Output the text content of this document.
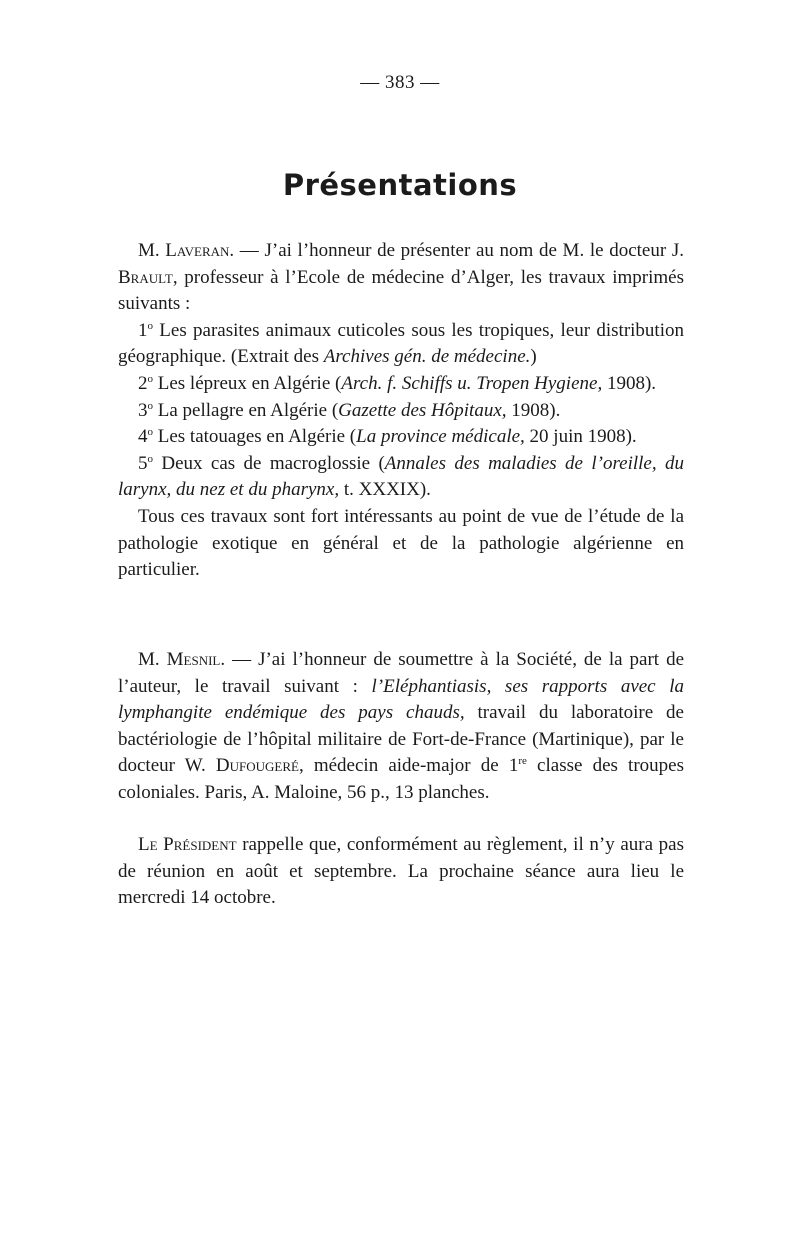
— 383 —
Présentations

M. Laveran. — J’ai l’honneur de présenter au nom de M. le docteur J. Brault, professeur à l’Ecole de médecine d’Alger, les travaux imprimés suivants :

1$^o$ Les parasites animaux cuticoles sous les tropiques, leur distribution géographique. (Extrait des Archives gén. de médecine.)

2$^o$ Les lépreux en Algérie (Arch. f. Schiffs u. Tropen Hygiene, 1908).

3$^o$ La pellagre en Algérie (Gazette des Hôpitaux, 1908).

4$^o$ Les tatouages en Algérie (La province médicale, 20 juin 1908).

5$^o$ Deux cas de macroglossie (Annales des maladies de l’oreille, du larynx, du nez et du pharynx, t. XXXIX).

Tous ces travaux sont fort intéressants au point de vue de l’étude de la pathologie exotique en général et de la pathologie algérienne en particulier.

M. Mesnil. — J’ai l’honneur de soumettre à la Société, de la part de l’auteur, le travail suivant : l’Eléphantiasis, ses rapports avec la lymphangite endémique des pays chauds, travail du laboratoire de bactériologie de l’hôpital militaire de Fort-de-France (Martinique), par le docteur W. Dufougeré, médecin aide-major de 1re classe des troupes coloniales. Paris, A. Maloine, 56 p., 13 planches.

Le Président rappelle que, conformément au règlement, il n’y aura pas de réunion en août et septembre. La prochaine séance aura lieu le mercredi 14 octobre.
